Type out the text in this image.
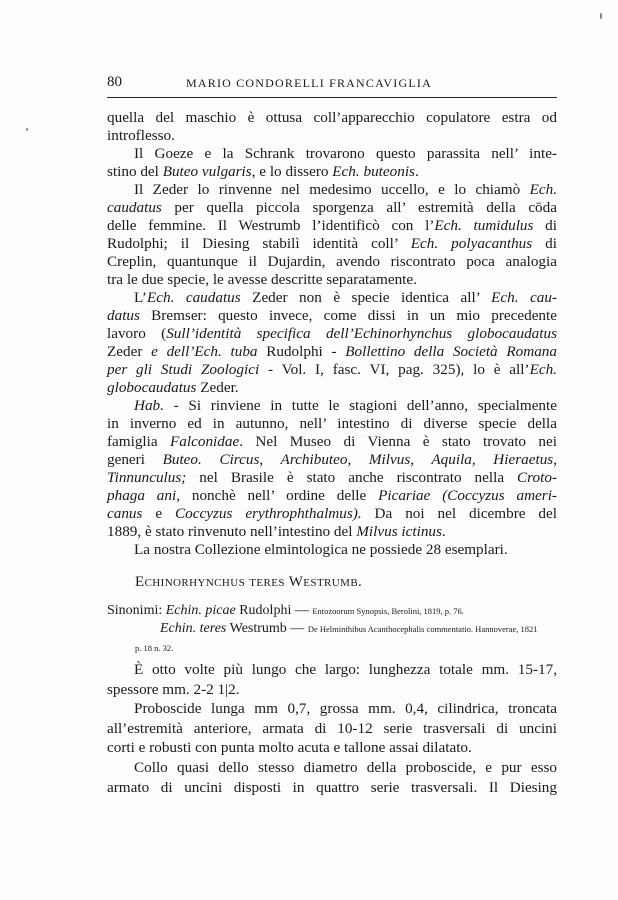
80	MARIO CONDORELLI FRANCAVIGLIA
quella del maschio è ottusa coll’apparecchio copulatore estra od
introflesso.
Il Goeze e la Schrank trovarono questo parassita nell’ inte-
stino del Buteo vulgaris, e lo dissero Ech. buteonis.
Il Zeder lo rinvenne nel medesimo uccello, e lo chiamò Ech.
caudatus per quella piccola sporgenza all’ estremità della cōda
delle femmine. Il Westrumb l’identificò con l’Ech. tumidulus di
Rudolphi; il Diesing stabilì identità coll’ Ech. polyacanthus di
Creplin, quantunque il Dujardin, avendo riscontrato poca analogia
tra le due specie, le avesse descritte separatamente.
L’Ech. caudatus Zeder non è specie identica all’ Ech. cau-
datus Bremser: questo invece, come dissi in un mio precedente
lavoro (Sull’identità specifica dell’Echinorhynchus globocaudatus
Zeder e dell’Ech. tuba Rudolphi - Bollettino della Società Romana
per gli Studi Zoologici - Vol. I, fasc. VI, pag. 325), lo è all’Ech.
globocaudatus Zeder.
Hab. - Si rinviene in tutte le stagioni dell’anno, specialmente
in inverno ed in autunno, nell’ intestino di diverse specie della
famiglia Falconidae. Nel Museo di Vienna è stato trovato nei
generi Buteo. Circus, Archibuteo, Milvus, Aquila, Hieraetus,
Tinnunculus; nel Brasile è stato anche riscontrato nella Croto-
phaga ani, nonchè nell’ ordine delle Picariae (Coccyzus ameri-
canus e Coccyzus erythrophthalmus). Da noi nel dicembre del
1889, è stato rinvenuto nell’intestino del Milvus ictinus.
La nostra Collezione elmintologica ne possiede 28 esemplari.
Echinorhynchus teres Westrumb.
Sinonimi: Echin. picae Rudolphi — Entozoorum Synopsis, Berolini, 1819, p. 76.
Echin. teres Westrumb — De Helminthibus Acanthocephalis commentatio. Hannoverae, 1821
p. 18 n. 32.
È otto volte più lungo che largo: lunghezza totale mm. 15-17,
spessore mm. 2-2 1|2.
Proboscide lunga mm 0,7, grossa mm. 0,4, cilindrica, troncata
all’estremità anteriore, armata di 10-12 serie trasversali di uncini
corti e robusti con punta molto acuta e tallone assai dilatato.
Collo quasi dello stesso diametro della proboscide, e pur esso
armato di uncini disposti in quattro serie trasversali. Il Diesing
